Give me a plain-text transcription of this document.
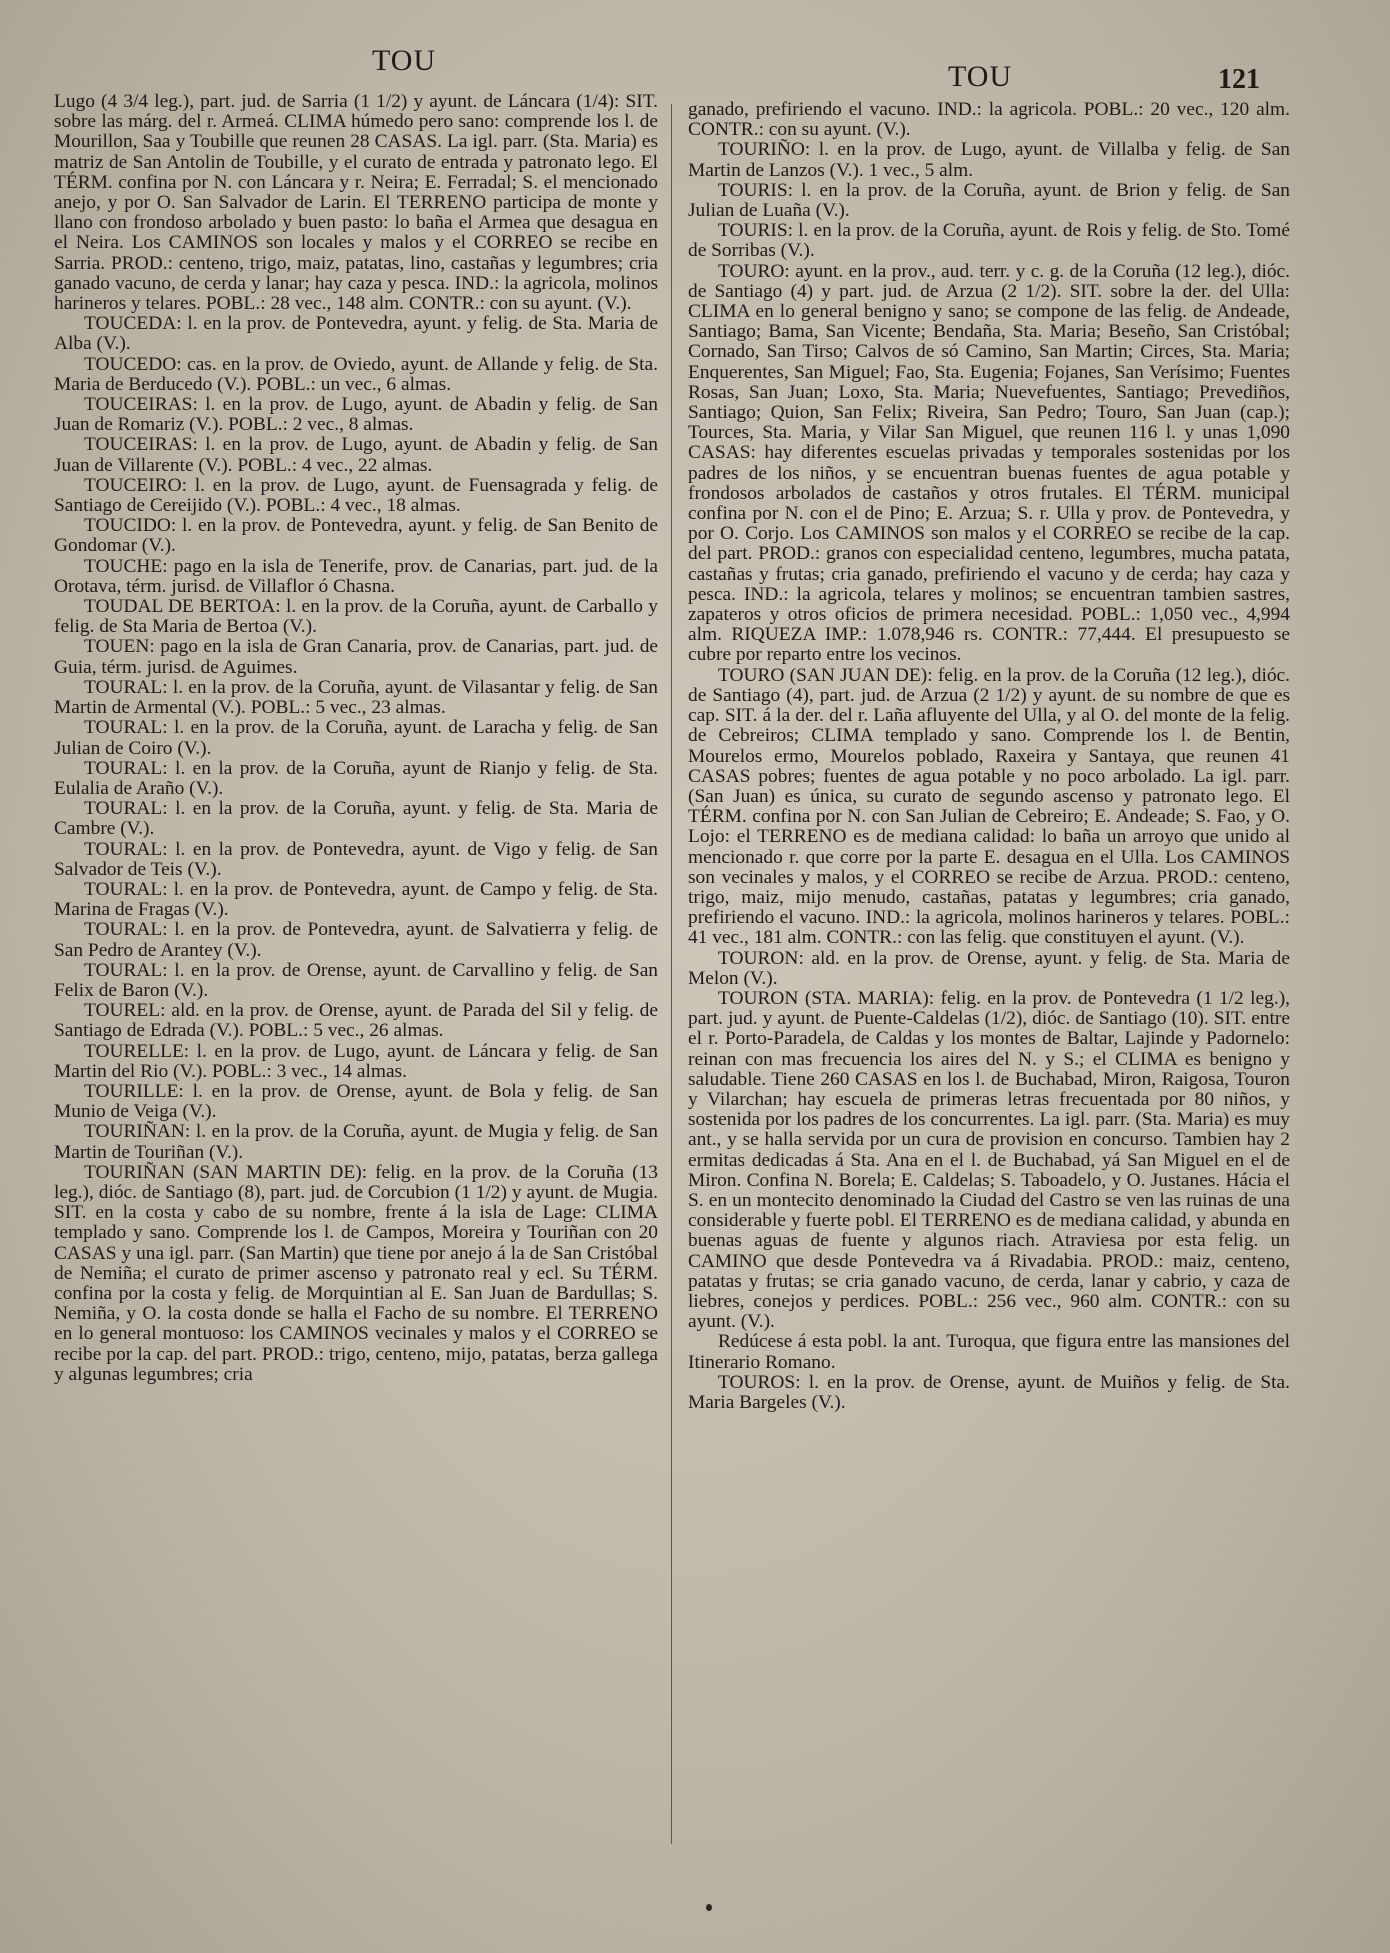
TOU	TOU	121

Lugo (4 3/4 leg.), part. jud. de Sarria (1 1/2) y ayunt. de Láncara (1/4): SIT. sobre las márg. del r. Armeá. CLIMA húmedo pero sano: comprende los l. de Mourillon, Saa y Toubille que reunen 28 CASAS. La igl. parr. (Sta. Maria) es matriz de San Antolin de Toubille, y el curato de entrada y patronato lego. El TÉRM. confina por N. con Láncara y r. Neira; E. Ferradal; S. el mencionado anejo, y por O. San Salvador de Larin. El TERRENO participa de monte y llano con frondoso arbolado y buen pasto: lo baña el Armea que desagua en el Neira. Los CAMINOS son locales y malos y el CORREO se recibe en Sarria. PROD.: centeno, trigo, maiz, patatas, lino, castañas y legumbres; cria ganado vacuno, de cerda y lanar; hay caza y pesca. IND.: la agricola, molinos harineros y telares. POBL.: 28 vec., 148 alm. CONTR.: con su ayunt. (V.).

TOUCEDA: l. en la prov. de Pontevedra, ayunt. y felig. de Sta. Maria de Alba (V.).

TOUCEDO: cas. en la prov. de Oviedo, ayunt. de Allande y felig. de Sta. Maria de Berducedo (V.). POBL.: un vec., 6 almas.

TOUCEIRAS: l. en la prov. de Lugo, ayunt. de Abadin y felig. de San Juan de Romariz (V.). POBL.: 2 vec., 8 almas.

TOUCEIRAS: l. en la prov. de Lugo, ayunt. de Abadin y felig. de San Juan de Villarente (V.). POBL.: 4 vec., 22 almas.

TOUCEIRO: l. en la prov. de Lugo, ayunt. de Fuensagrada y felig. de Santiago de Cereijido (V.). POBL.: 4 vec., 18 almas.

TOUCIDO: l. en la prov. de Pontevedra, ayunt. y felig. de San Benito de Gondomar (V.).

TOUCHE: pago en la isla de Tenerife, prov. de Canarias, part. jud. de la Orotava, térm. jurisd. de Villaflor ó Chasna.

TOUDAL DE BERTOA: l. en la prov. de la Coruña, ayunt. de Carballo y felig. de Sta Maria de Bertoa (V.).

TOUEN: pago en la isla de Gran Canaria, prov. de Canarias, part. jud. de Guia, térm. jurisd. de Aguimes.

TOURAL: l. en la prov. de la Coruña, ayunt. de Vilasantar y felig. de San Martin de Armental (V.). POBL.: 5 vec., 23 almas.

TOURAL: l. en la prov. de la Coruña, ayunt. de Laracha y felig. de San Julian de Coiro (V.).

TOURAL: l. en la prov. de la Coruña, ayunt de Rianjo y felig. de Sta. Eulalia de Araño (V.).

TOURAL: l. en la prov. de la Coruña, ayunt. y felig. de Sta. Maria de Cambre (V.).

TOURAL: l. en la prov. de Pontevedra, ayunt. de Vigo y felig. de San Salvador de Teis (V.).

TOURAL: l. en la prov. de Pontevedra, ayunt. de Campo y felig. de Sta. Marina de Fragas (V.).

TOURAL: l. en la prov. de Pontevedra, ayunt. de Salvatierra y felig. de San Pedro de Arantey (V.).

TOURAL: l. en la prov. de Orense, ayunt. de Carvallino y felig. de San Felix de Baron (V.).

TOUREL: ald. en la prov. de Orense, ayunt. de Parada del Sil y felig. de Santiago de Edrada (V.). POBL.: 5 vec., 26 almas.

TOURELLE: l. en la prov. de Lugo, ayunt. de Láncara y felig. de San Martin del Rio (V.). POBL.: 3 vec., 14 almas.

TOURILLE: l. en la prov. de Orense, ayunt. de Bola y felig. de San Munio de Veiga (V.).

TOURIÑAN: l. en la prov. de la Coruña, ayunt. de Mugia y felig. de San Martin de Touriñan (V.).

TOURIÑAN (SAN MARTIN DE): felig. en la prov. de la Coruña (13 leg.), dióc. de Santiago (8), part. jud. de Corcubion (1 1/2) y ayunt. de Mugia. SIT. en la costa y cabo de su nombre, frente á la isla de Lage: CLIMA templado y sano. Comprende los l. de Campos, Moreira y Touriñan con 20 CASAS y una igl. parr. (San Martin) que tiene por anejo á la de San Cristóbal de Nemiña; el curato de primer ascenso y patronato real y ecl. Su TÉRM. confina por la costa y felig. de Morquintian al E. San Juan de Bardullas; S. Nemiña, y O. la costa donde se halla el Facho de su nombre. El TERRENO en lo general montuoso: los CAMINOS vecinales y malos y el CORREO se recibe por la cap. del part. PROD.: trigo, centeno, mijo, patatas, berza gallega y algunas legumbres; cria

ganado, prefiriendo el vacuno. IND.: la agricola. POBL.: 20 vec., 120 alm. CONTR.: con su ayunt. (V.).

TOURIÑO: l. en la prov. de Lugo, ayunt. de Villalba y felig. de San Martin de Lanzos (V.). 1 vec., 5 alm.

TOURIS: l. en la prov. de la Coruña, ayunt. de Brion y felig. de San Julian de Luaña (V.).

TOURIS: l. en la prov. de la Coruña, ayunt. de Rois y felig. de Sto. Tomé de Sorribas (V.).

TOURO: ayunt. en la prov., aud. terr. y c. g. de la Coruña (12 leg.), dióc. de Santiago (4) y part. jud. de Arzua (2 1/2). SIT. sobre la der. del Ulla: CLIMA en lo general benigno y sano; se compone de las felig. de Andeade, Santiago; Bama, San Vicente; Bendaña, Sta. Maria; Beseño, San Cristóbal; Cornado, San Tirso; Calvos de só Camino, San Martin; Circes, Sta. Maria; Enquerentes, San Miguel; Fao, Sta. Eugenia; Fojanes, San Verísimo; Fuentes Rosas, San Juan; Loxo, Sta. Maria; Nuevefuentes, Santiago; Prevediños, Santiago; Quion, San Felix; Riveira, San Pedro; Touro, San Juan (cap.); Tources, Sta. Maria, y Vilar San Miguel, que reunen 116 l. y unas 1,090 CASAS: hay diferentes escuelas privadas y temporales sostenidas por los padres de los niños, y se encuentran buenas fuentes de agua potable y frondosos arbolados de castaños y otros frutales. El TÉRM. municipal confina por N. con el de Pino; E. Arzua; S. r. Ulla y prov. de Pontevedra, y por O. Corjo. Los CAMINOS son malos y el CORREO se recibe de la cap. del part. PROD.: granos con especialidad centeno, legumbres, mucha patata, castañas y frutas; cria ganado, prefiriendo el vacuno y de cerda; hay caza y pesca. IND.: la agricola, telares y molinos; se encuentran tambien sastres, zapateros y otros oficios de primera necesidad. POBL.: 1,050 vec., 4,994 alm. RIQUEZA IMP.: 1.078,946 rs. CONTR.: 77,444. El presupuesto se cubre por reparto entre los vecinos.

TOURO (SAN JUAN DE): felig. en la prov. de la Coruña (12 leg.), dióc. de Santiago (4), part. jud. de Arzua (2 1/2) y ayunt. de su nombre de que es cap. SIT. á la der. del r. Laña afluyente del Ulla, y al O. del monte de la felig. de Cebreiros; CLIMA templado y sano. Comprende los l. de Bentin, Mourelos ermo, Mourelos poblado, Raxeira y Santaya, que reunen 41 CASAS pobres; fuentes de agua potable y no poco arbolado. La igl. parr. (San Juan) es única, su curato de segundo ascenso y patronato lego. El TÉRM. confina por N. con San Julian de Cebreiro; E. Andeade; S. Fao, y O. Lojo: el TERRENO es de mediana calidad: lo baña un arroyo que unido al mencionado r. que corre por la parte E. desagua en el Ulla. Los CAMINOS son vecinales y malos, y el CORREO se recibe de Arzua. PROD.: centeno, trigo, maiz, mijo menudo, castañas, patatas y legumbres; cria ganado, prefiriendo el vacuno. IND.: la agricola, molinos harineros y telares. POBL.: 41 vec., 181 alm. CONTR.: con las felig. que constituyen el ayunt. (V.).

TOURON: ald. en la prov. de Orense, ayunt. y felig. de Sta. Maria de Melon (V.).

TOURON (STA. MARIA): felig. en la prov. de Pontevedra (1 1/2 leg.), part. jud. y ayunt. de Puente-Caldelas (1/2), dióc. de Santiago (10). SIT. entre el r. Porto-Paradela, de Caldas y los montes de Baltar, Lajinde y Padornelo: reinan con mas frecuencia los aires del N. y S.; el CLIMA es benigno y saludable. Tiene 260 CASAS en los l. de Buchabad, Miron, Raigosa, Touron y Vilarchan; hay escuela de primeras letras frecuentada por 80 niños, y sostenida por los padres de los concurrentes. La igl. parr. (Sta. Maria) es muy ant., y se halla servida por un cura de provision en concurso. Tambien hay 2 ermitas dedicadas á Sta. Ana en el l. de Buchabad, yá San Miguel en el de Miron. Confina N. Borela; E. Caldelas; S. Taboadelo, y O. Justanes. Hácia el S. en un montecito denominado la Ciudad del Castro se ven las ruinas de una considerable y fuerte pobl. El TERRENO es de mediana calidad, y abunda en buenas aguas de fuente y algunos riach. Atraviesa por esta felig. un CAMINO que desde Pontevedra va á Rivadabia. PROD.: maiz, centeno, patatas y frutas; se cria ganado vacuno, de cerda, lanar y cabrio, y caza de liebres, conejos y perdices. POBL.: 256 vec., 960 alm. CONTR.: con su ayunt. (V.).

Redúcese á esta pobl. la ant. Turoqua, que figura entre las mansiones del Itinerario Romano.

TOUROS: l. en la prov. de Orense, ayunt. de Muiños y felig. de Sta. Maria Bargeles (V.).
